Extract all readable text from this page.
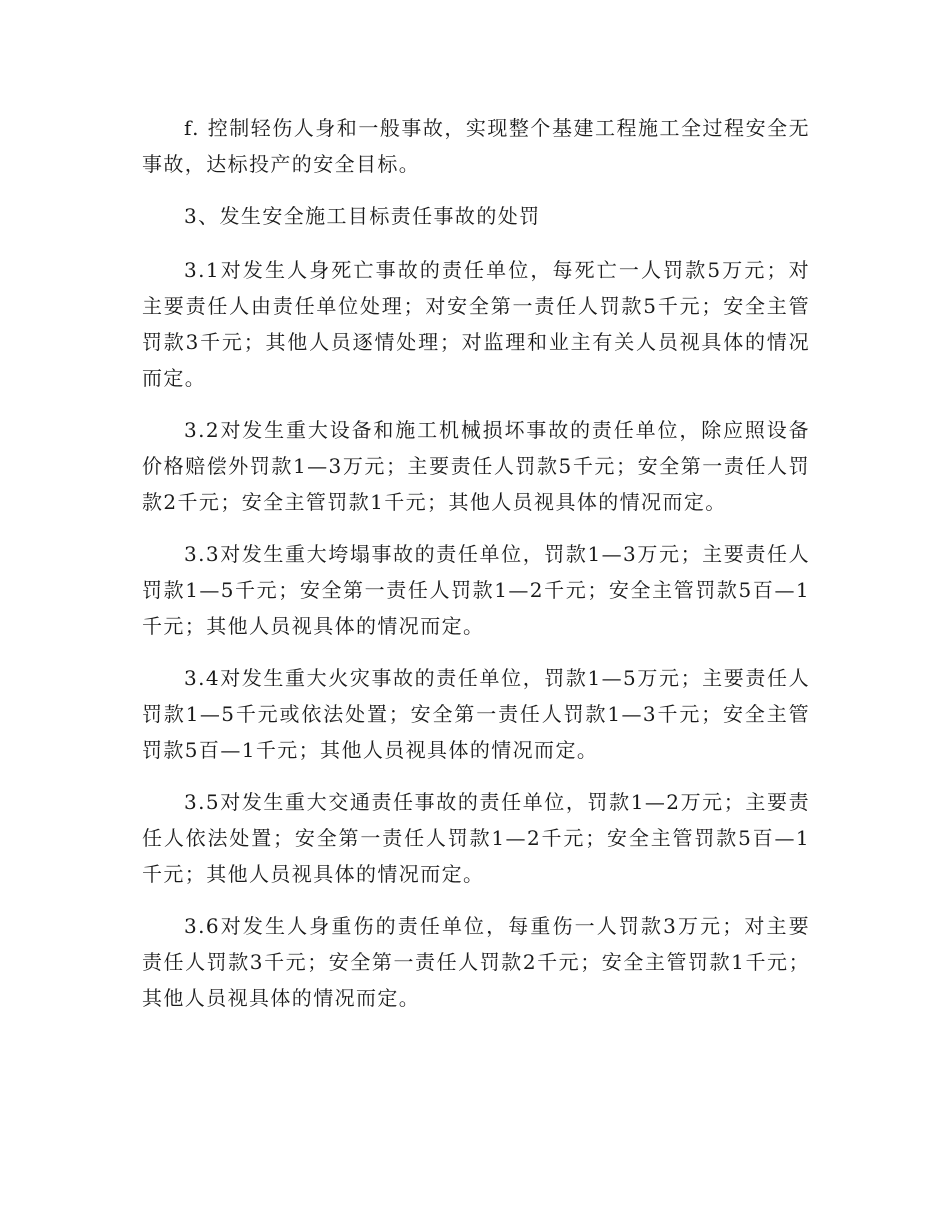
f. 控制轻伤人身和一般事故，实现整个基建工程施工全过程安全无事故，达标投产的安全目标。

3、发生安全施工目标责任事故的处罚

3.1对发生人身死亡事故的责任单位，每死亡一人罚款5万元；对主要责任人由责任单位处理；对安全第一责任人罚款5千元；安全主管罚款3千元；其他人员逐情处理；对监理和业主有关人员视具体的情况而定。

3.2对发生重大设备和施工机械损坏事故的责任单位，除应照设备价格赔偿外罚款1—3万元；主要责任人罚款5千元；安全第一责任人罚款2千元；安全主管罚款1千元；其他人员视具体的情况而定。

3.3对发生重大垮塌事故的责任单位，罚款1—3万元；主要责任人罚款1—5千元；安全第一责任人罚款1—2千元；安全主管罚款5百—1千元；其他人员视具体的情况而定。

3.4对发生重大火灾事故的责任单位，罚款1—5万元；主要责任人罚款1—5千元或依法处置；安全第一责任人罚款1—3千元；安全主管罚款5百—1千元；其他人员视具体的情况而定。

3.5对发生重大交通责任事故的责任单位，罚款1—2万元；主要责任人依法处置；安全第一责任人罚款1—2千元；安全主管罚款5百—1千元；其他人员视具体的情况而定。

3.6对发生人身重伤的责任单位，每重伤一人罚款3万元；对主要责任人罚款3千元；安全第一责任人罚款2千元；安全主管罚款1千元；其他人员视具体的情况而定。
